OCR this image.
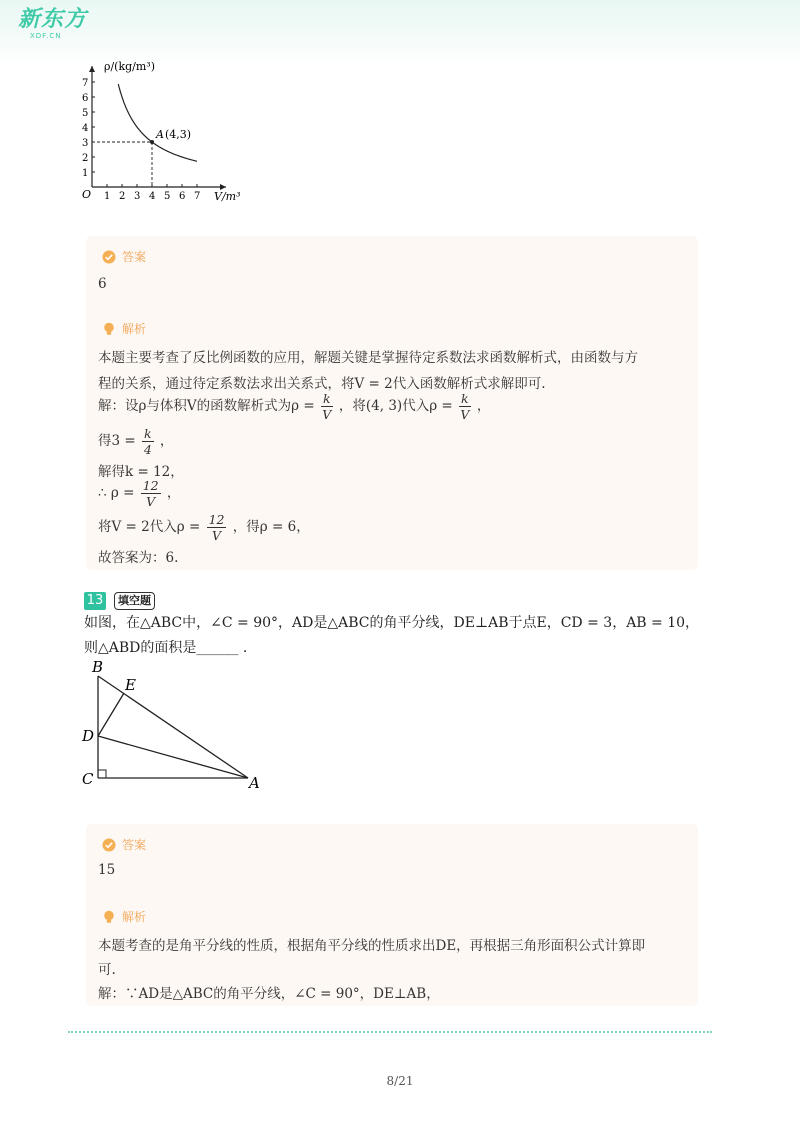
新东方
XDF.CN
ρ/(kg/m³)
V/m³
O 1 2 3 4 5 6 7
1
2
3
4
5
6
7
A (4,3)
答案
6
解析
本题主要考查了反比例函数的应用，解题关键是掌握待定系数法求函数解析式，由函数与方
程的关系，通过待定系数法求出关系式，将V = 2代入函数解析式求解即可.
解：设ρ与体积V的函数解析式为$\rho = \frac{k}{V}$ ，将(4, 3)代入$\rho = \frac{k}{V}$ ，
得$3 = \frac{k}{4}$ ，
解得k = 12，
∴ $\rho = \frac{12}{V}$ ，
将V = 2代入$\rho = \frac{12}{V}$ ，得ρ = 6，
故答案为：6.
13	填空题
如图，在△ABC中，∠C = 90°，AD是△ABC的角平分线，DE⊥AB于点E，CD = 3，AB = 10，
则△ABD的面积是______ .
B
E
D
C	A
答案
15
解析
本题考查的是角平分线的性质，根据角平分线的性质求出DE，再根据三角形面积公式计算即
可.
解：∵AD是△ABC的角平分线，∠C = 90°，DE⊥AB，
8/21
